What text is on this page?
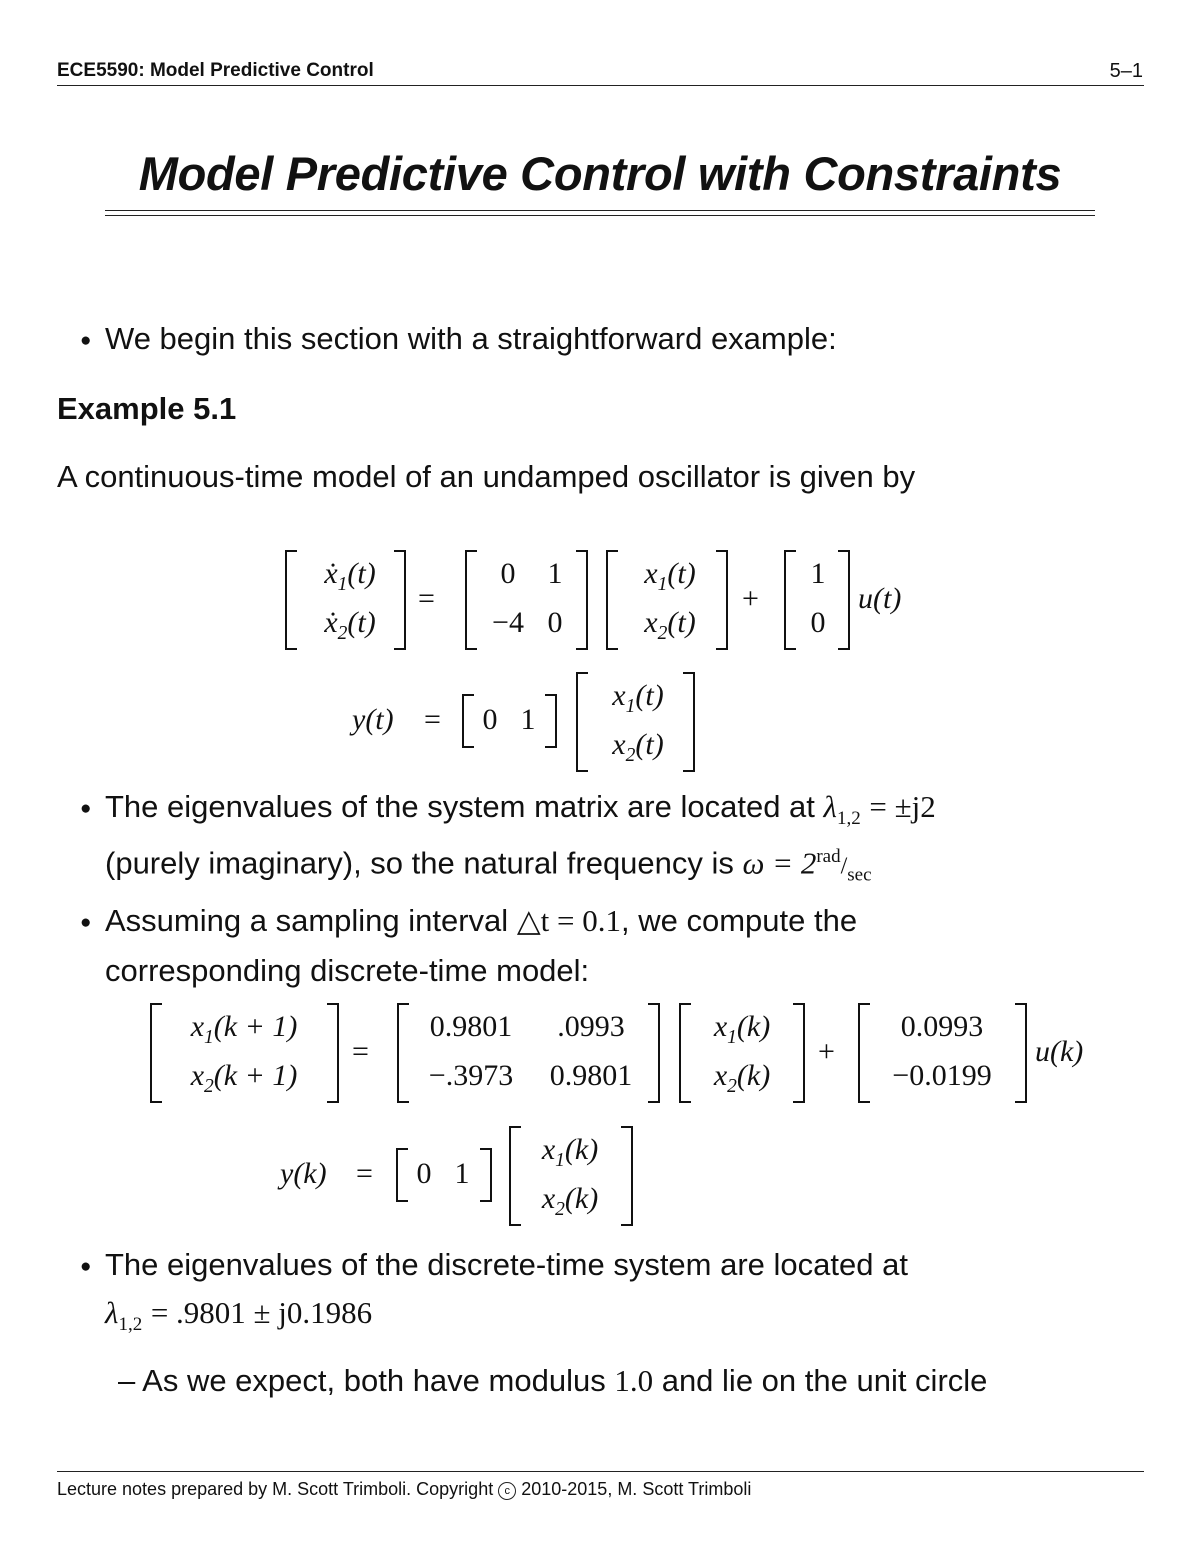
ECE5590: Model Predictive Control	5–1
Model Predictive Control with Constraints
● We begin this section with a straightforward example:
Example 5.1
A continuous-time model of an undamped oscillator is given by
ẋ$_1$(t)
ẋ$_2$(t)
=
0	1
−4 0
$x_1(t)$
$x_2(t)$
+
1
0
u(t)
y(t) = 0 1
$x_1(t)$
$x_2(t)$
● The eigenvalues of the system matrix are located at $\lambda_{1,2} = \pm j2$
(purely imaginary), so the natural frequency is $\omega = 2^{rad}/_{sec}$
● Assuming a sampling interval △t = 0.1, we compute the
corresponding discrete-time model:
$x_1(k + 1)$
$x_2(k + 1)$
=
0.9801	.0993
−.3973	0.9801
$x_1(k)$
$x_2(k)$
+
0.0993
−0.0199
u(k)
y(k) = 0 1
$x_1(k)$
$x_2(k)$
● The eigenvalues of the discrete-time system are located at
$\lambda_{1,2} = .9801 \pm j0.1986$
– As we expect, both have modulus 1.0 and lie on the unit circle
Lecture notes prepared by M. Scott Trimboli. Copyright c 2010-2015, M. Scott Trimboli
